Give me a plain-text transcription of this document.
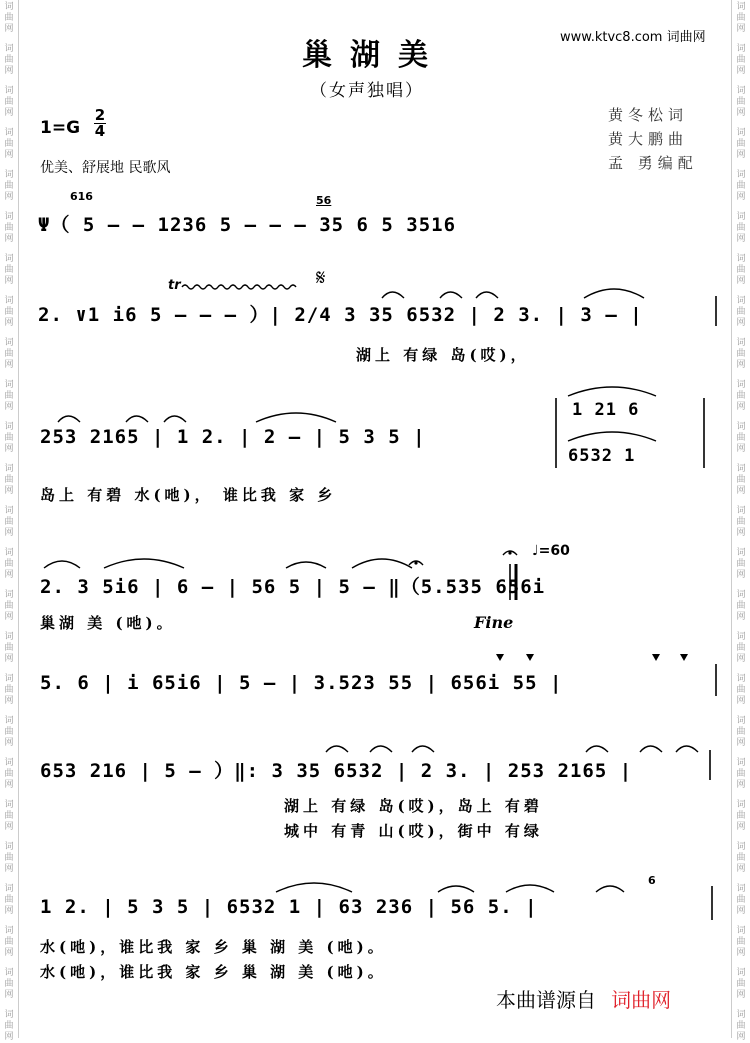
词
曲
网
词
曲
网
词
曲
网
词
曲
网
词
曲
网
词
曲
网
词
曲
网
词
曲
网
词
曲
网
词
曲
网
词
曲
网
词
曲
网
词
曲
网
词
曲
网
词
曲
网
词
曲
网
词
曲
网
词
曲
网
词
曲
网
词
曲
网
词
曲
网
词
曲
网
词
曲
网
词
曲
网
词
曲
网
词
曲
网
词
曲
网
词
曲
网
词
曲
网
词
曲
网
词
曲
网
词
曲
网
词
曲
网
词
曲
网
词
曲
网
词
曲
网
词
曲
网
词
曲
网
词
曲
网
词
曲
网
词
曲
网
词
曲
网
词
曲
网
词
曲
网
词
曲
网
词
曲
网
词
曲
网
词
曲
网
词
曲
网
词
曲
网
www.ktvc8.com 词曲网
巢湖美
（女声独唱）
黄冬松词
黄大鹏曲
孟 勇编配
1=G
2
4
优美、舒展地 民歌风
616	56
Ψ（ 5 – – 1236 5 – – – 35 6 5 3516
tr	𝄋
2. ∨1 i6 5 – – – ）| 2/4 3 35 6532 | 2 3. | 3 – |
湖上 有绿 岛(哎)，
253 2165 | 1 2. | 2 – | 5 3 5 |
1 21 6
6532 1
岛上 有碧 水(吔)， 谁比我 家 乡
♩=60
2. 3 5i6 | 6 – | 56 5 | 5 – ‖（5.535 656i
巢湖 美 (吔)。	Fine
5. 6 | i 65i6 | 5 – | 3.523 55 | 656i 55 |
653 216 | 5 – ）‖: 3 35 6532 | 2 3. | 253 2165 |
湖上 有绿 岛(哎)，岛上 有碧
城中 有青 山(哎)，街中 有绿
6
1 2. | 5 3 5 | 6532 1 | 63 236 | 56 5. |
水(吔)，谁比我 家 乡 巢 湖 美 (吔)。
水(吔)，谁比我 家 乡 巢 湖 美 (吔)。
本曲谱源自 词曲网
